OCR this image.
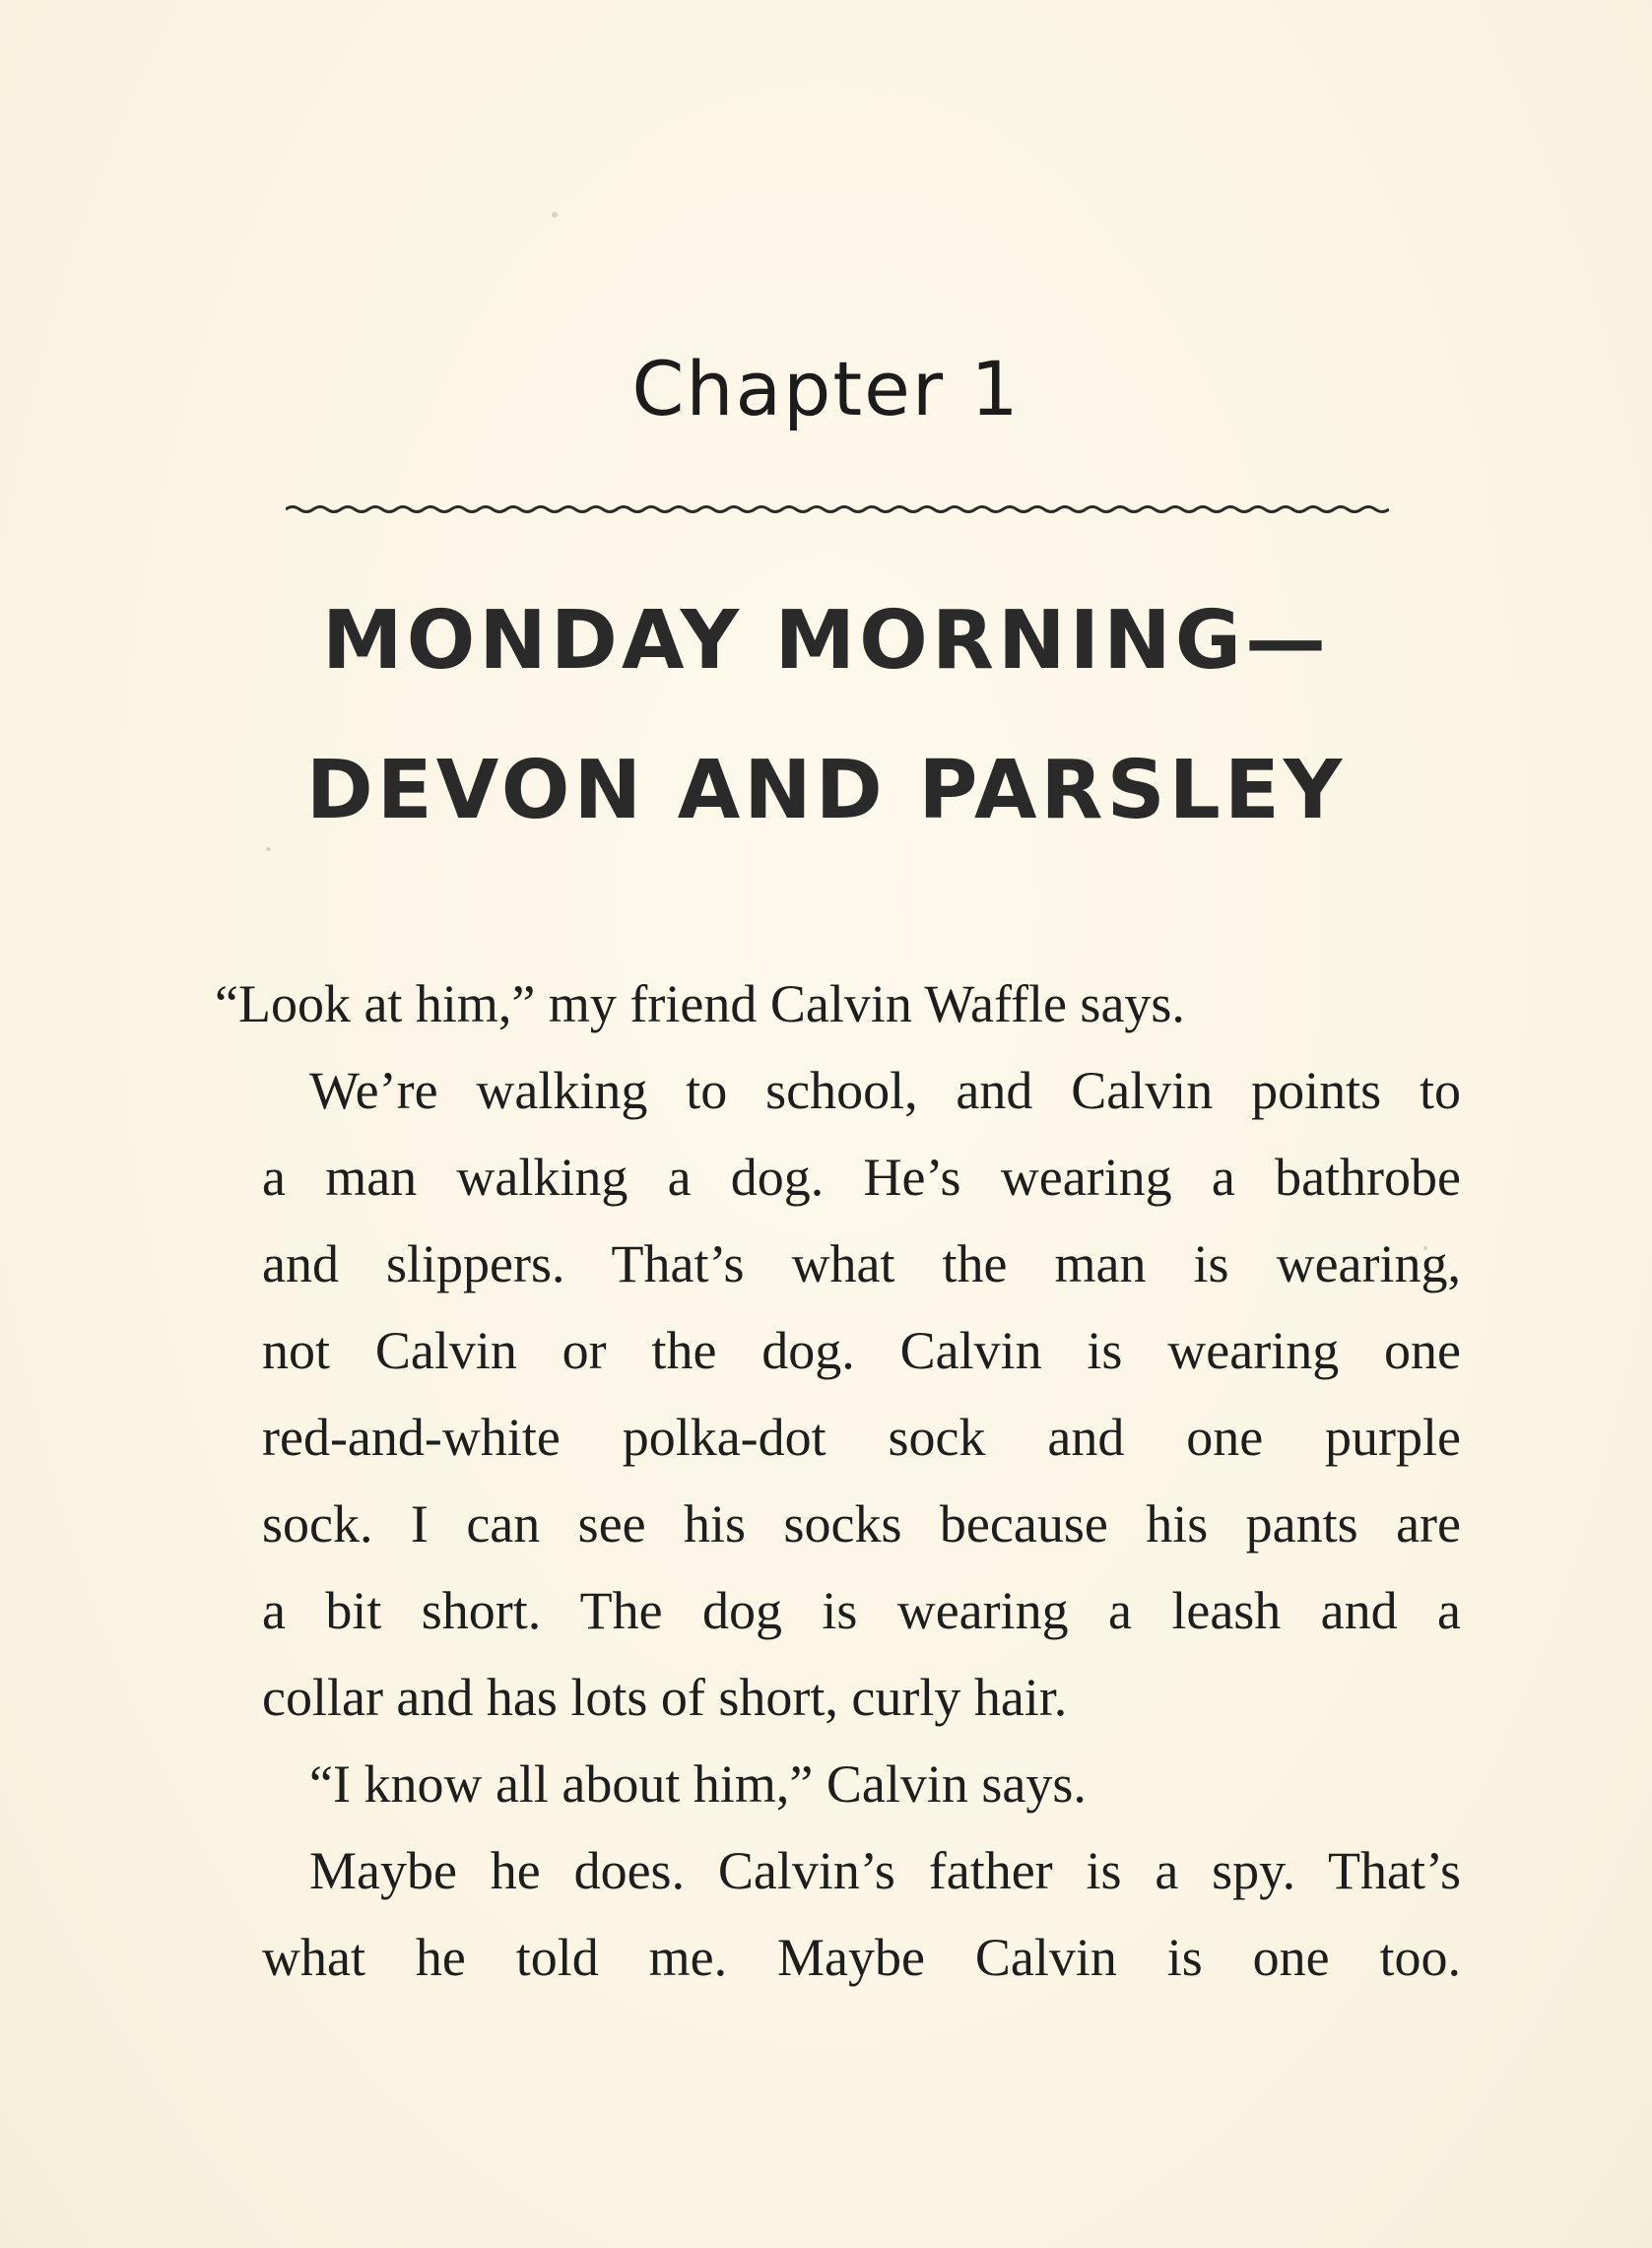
Chapter 1
MONDAY MORNING—
DEVON AND PARSLEY

“Look at him,” my friend Calvin Waffle says.

We’re walking to school, and Calvin points to
a man walking a dog. He’s wearing a bathrobe
and slippers. That’s what the man is wearing,
not Calvin or the dog. Calvin is wearing one
red-and-white polka-dot sock and one purple
sock. I can see his socks because his pants are
a bit short. The dog is wearing a leash and a
collar and has lots of short, curly hair.

“I know all about him,” Calvin says.

Maybe he does. Calvin’s father is a spy. That’s
what he told me. Maybe Calvin is one too.
